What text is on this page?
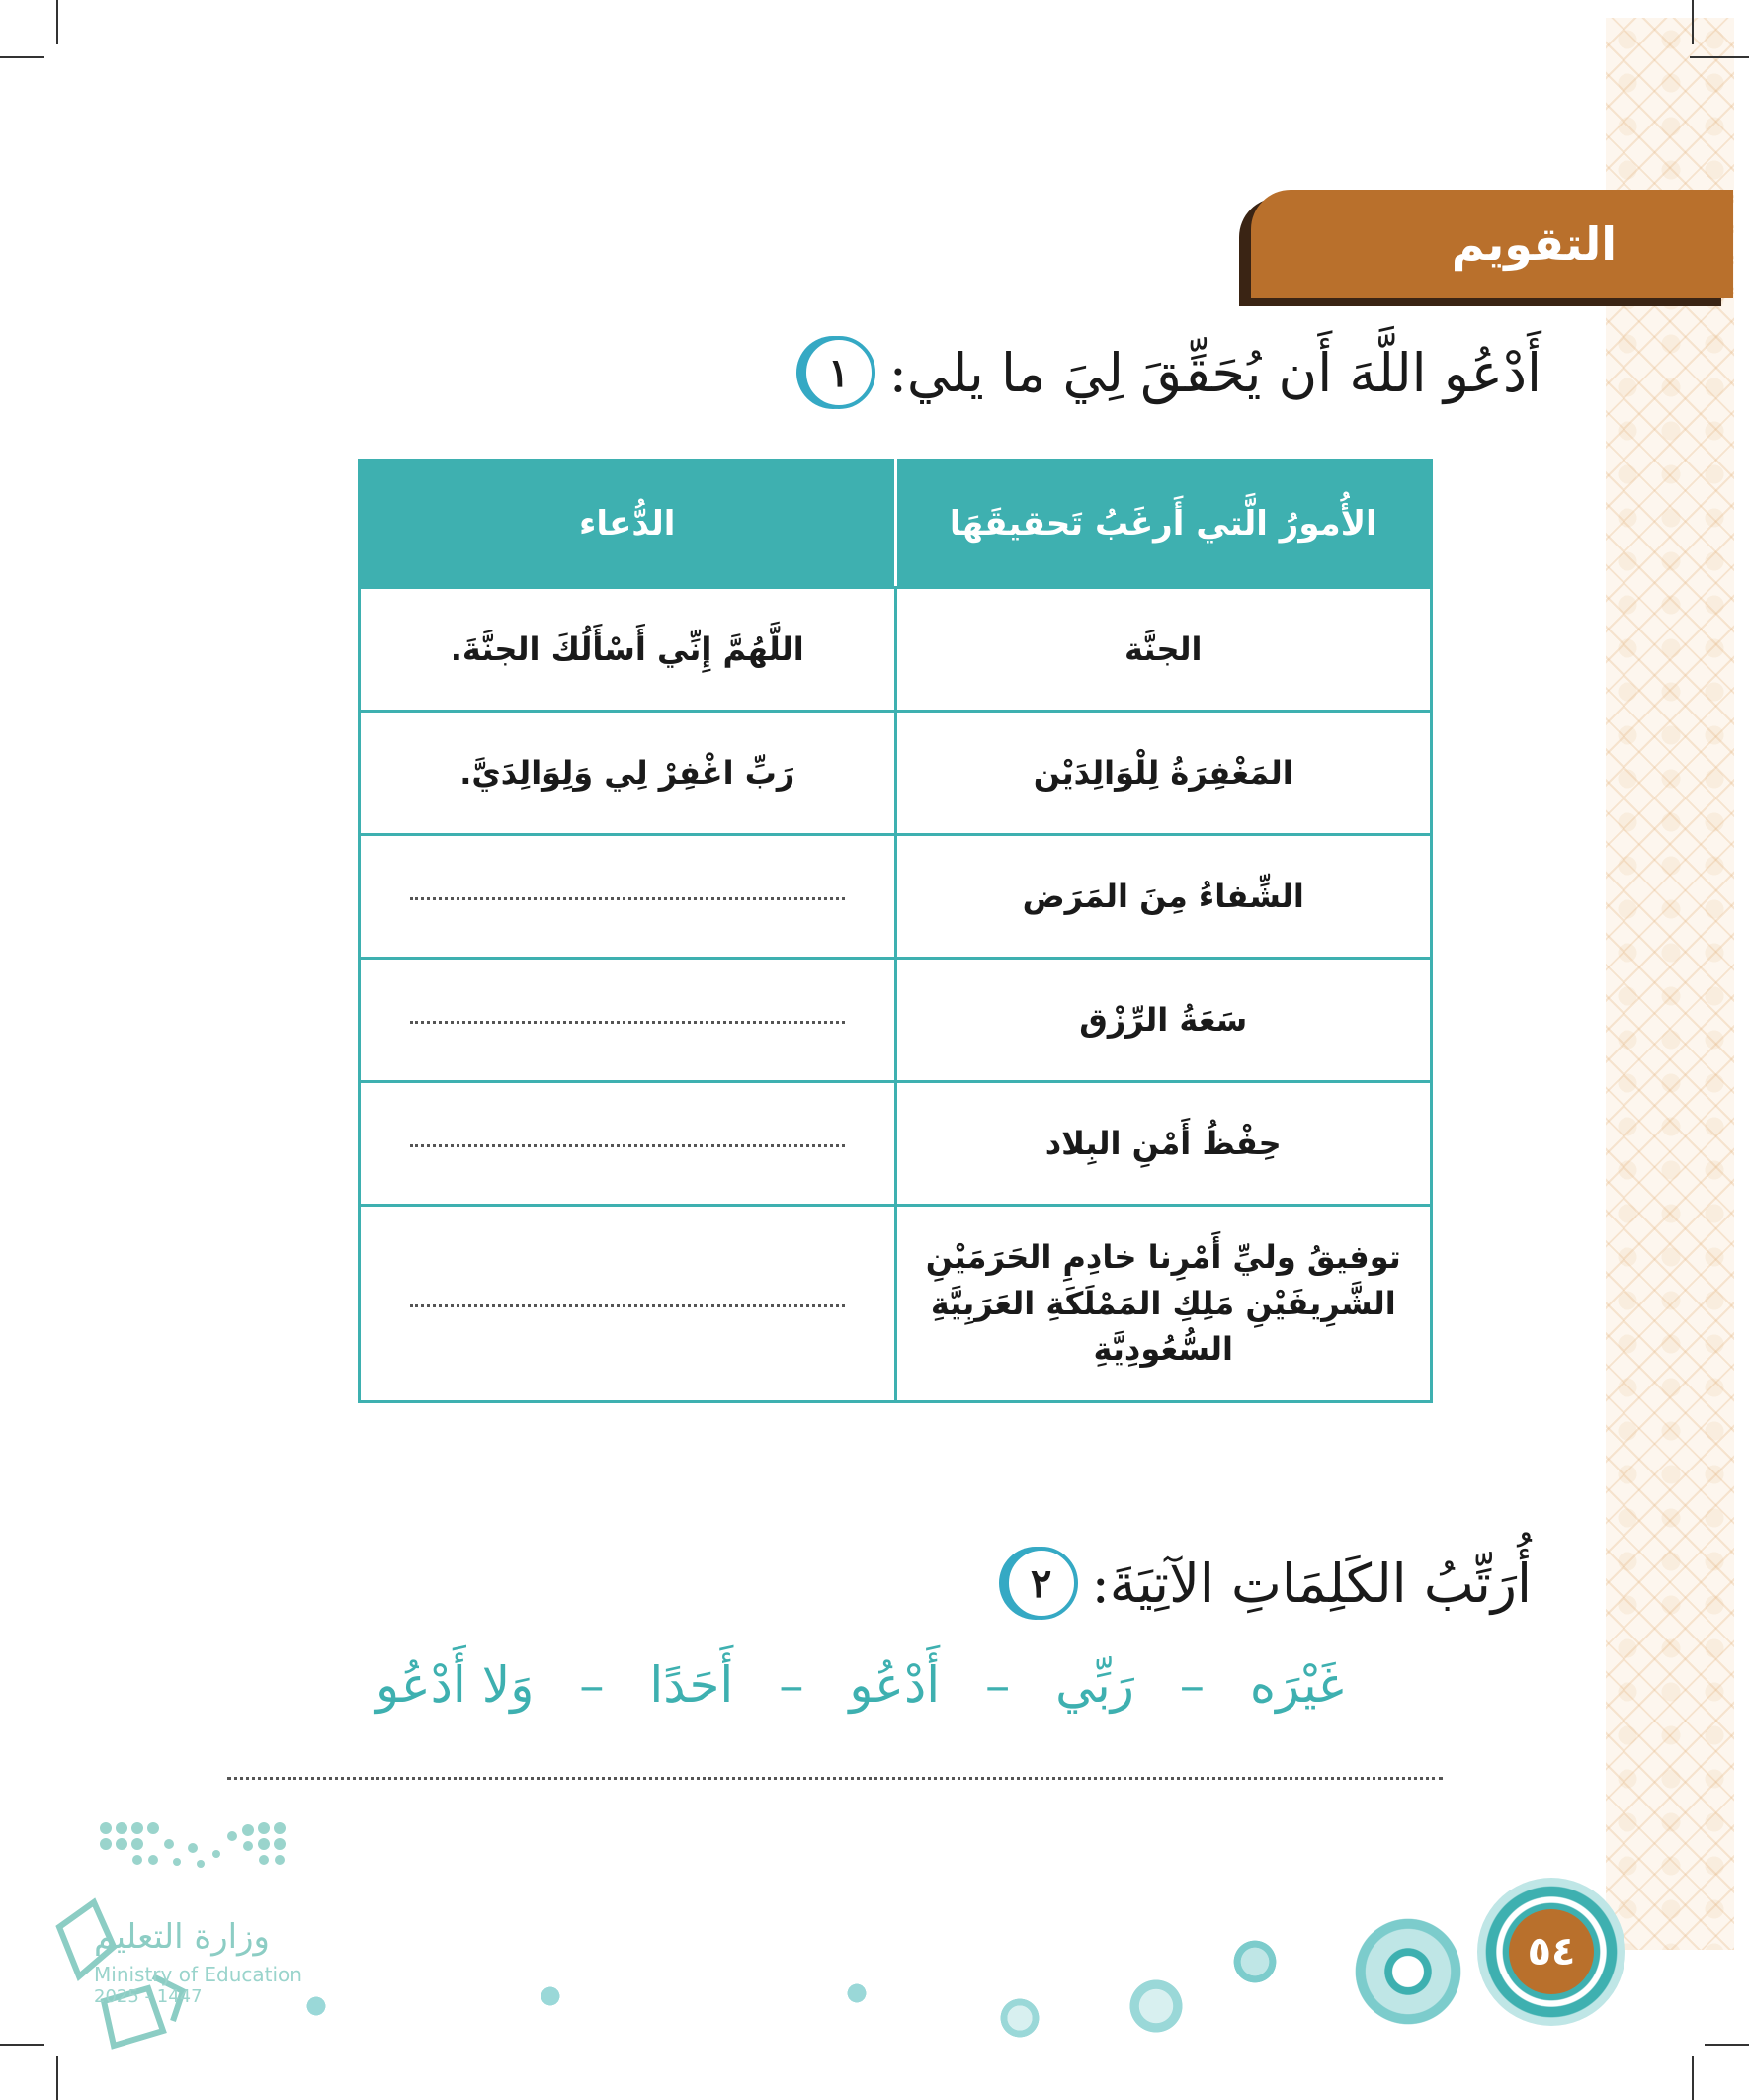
التقويم
١ أَدْعُو اللَّهَ أَن يُحَقِّقَ لِيَ ما يلي:
الأُمورُ الَّتي أَرغَبُ تَحقيقَهَا	الدُّعاء
الجنَّة	اللَّهُمَّ إِنِّي أَسْأَلُكَ الجنَّةَ.
المَغْفِرَةُ لِلْوَالِدَيْن	رَبِّ اغْفِرْ لِي وَلِوَالِدَيَّ.
الشِّفاءُ مِنَ المَرَض	
سَعَةُ الرِّزْق	
حِفْظُ أَمْنِ البِلاد	
توفيقُ وليِّ أَمْرِنا خادِمِ الحَرَمَيْنِ الشَّرِيفَيْنِ مَلِكِ المَمْلَكَةِ العَرَبِيَّةِ السُّعُودِيَّةِ	
٢ أُرَتِّبُ الكَلِمَاتِ الآتِيَةَ:
غَيْرَه
–
رَبِّي
–
أَدْعُو
–
أَحَدًا
–
وَلا أَدْعُو
٥٤
وزارة التعليم
Ministry of Education
2025 - 1447
